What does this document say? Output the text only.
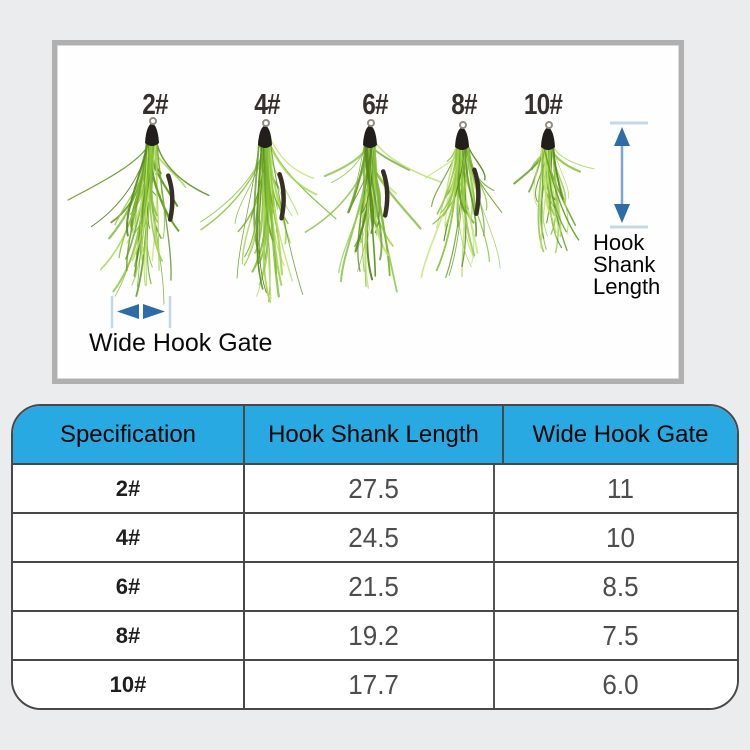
2#	4#	6# 8# 10#
Hook Shank Length
Wide Hook Gate
Specification	Hook Shank Length	Wide Hook Gate
2#	27.5	11
4#	24.5	10
6#	21.5	8.5
8#	19.2	7.5
10#	17.7	6.0
